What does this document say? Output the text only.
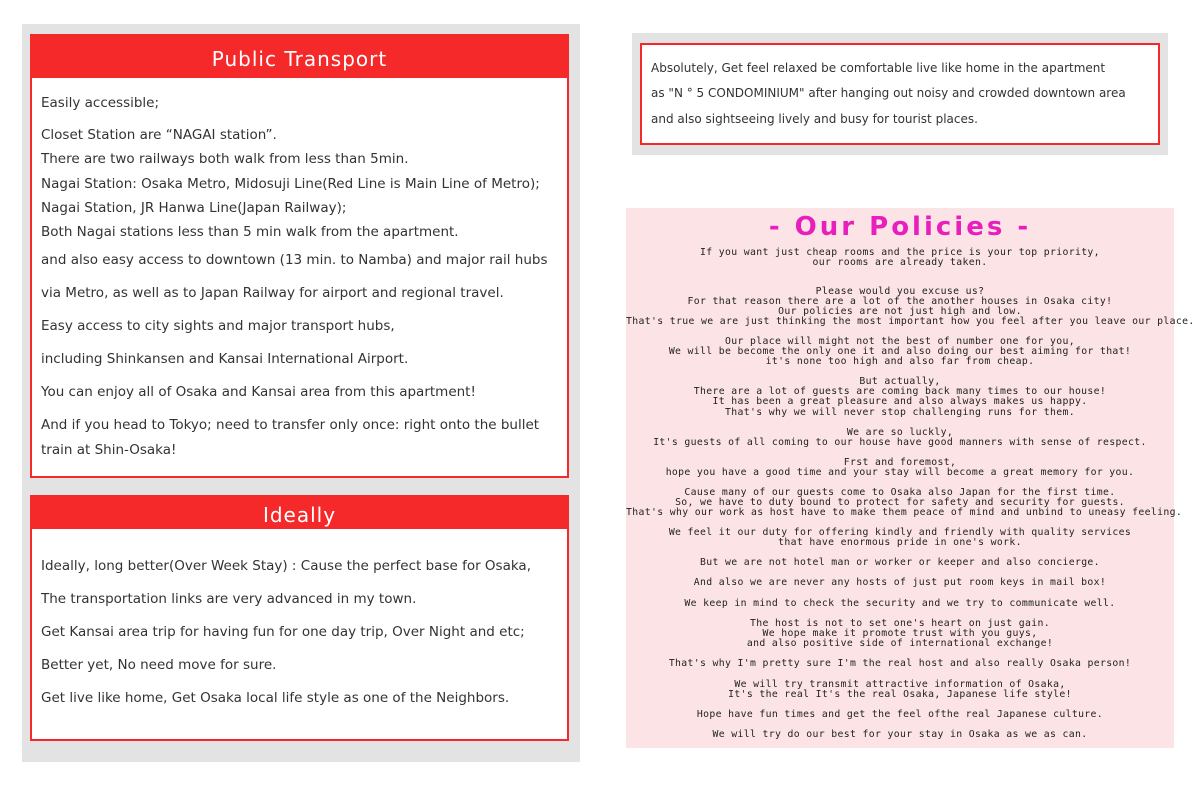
Public Transport
Easily accessible;
Closet Station are “NAGAI station”.
There are two railways both walk from less than 5min.
Nagai Station: Osaka Metro, Midosuji Line(Red Line is Main Line of Metro);
Nagai Station, JR Hanwa Line(Japan Railway);
Both Nagai stations less than 5 min walk from the apartment.
and also easy access to downtown (13 min. to Namba) and major rail hubs
via Metro, as well as to Japan Railway for airport and regional travel.
Easy access to city sights and major transport hubs,
including Shinkansen and Kansai International Airport.
You can enjoy all of Osaka and Kansai area from this apartment!
And if you head to Tokyo; need to transfer only once: right onto the bullet
train at Shin-Osaka!
Ideally
Ideally, long better(Over Week Stay) : Cause the perfect base for Osaka,
The transportation links are very advanced in my town.
Get Kansai area trip for having fun for one day trip, Over Night and etc;
Better yet, No need move for sure.
Get live like home, Get Osaka local life style as one of the Neighbors.
Absolutely, Get feel relaxed be comfortable live like home in the apartment
as "N ° 5 CONDOMINIUM" after hanging out noisy and crowded downtown area
and also sightseeing lively and busy for tourist places.
- Our Policies -
If you want just cheap rooms and the price is your top priority,
our rooms are already taken.
Please would you excuse us?
For that reason there are a lot of the another houses in Osaka city!
Our policies are not just high and low.
That's true we are just thinking the most important how you feel after you leave our place.
Our place will might not the best of number one for you,
We will be become the only one it and also doing our best aiming for that!
it's none too high and also far from cheap.
But actually,
There are a lot of guests are coming back many times to our house!
It has been a great pleasure and also always makes us happy.
That's why we will never stop challenging runs for them.
We are so luckly,
It's guests of all coming to our house have good manners with sense of respect.
Frst and foremost,
hope you have a good time and your stay will become a great memory for you.
Cause many of our guests come to Osaka also Japan for the first time.
So, we have to duty bound to protect for safety and security for guests.
That's why our work as host have to make them peace of mind and unbind to uneasy feeling.
We feel it our duty for offering kindly and friendly with quality services
that have enormous pride in one's work.
But we are not hotel man or worker or keeper and also concierge.
And also we are never any hosts of just put room keys in mail box!
We keep in mind to check the security and we try to communicate well.
The host is not to set one's heart on just gain.
We hope make it promote trust with you guys,
and also positive side of international exchange!
That's why I'm pretty sure I'm the real host and also really Osaka person!
We will try transmit attractive information of Osaka,
It's the real It's the real Osaka, Japanese life style!
Hope have fun times and get the feel ofthe real Japanese culture.
We will try do our best for your stay in Osaka as we as can.
